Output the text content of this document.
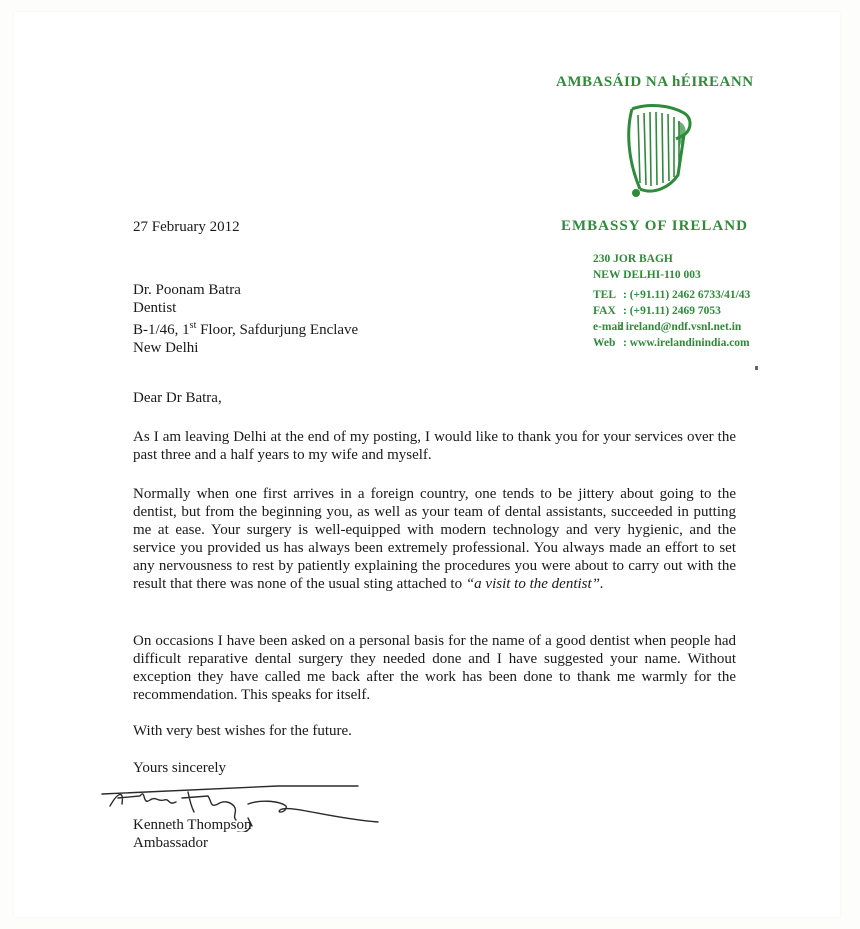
AMBASÁID NA hÉIREANN
EMBASSY OF IRELAND
230 JOR BAGH
NEW DELHI-110 003
TEL : (+91.11) 2462 6733/41/43
FAX : (+91.11) 2469 7053
e-mail: ireland@ndf.vsnl.net.in
Web : www.irelandinindia.com
27 February 2012
Dr. Poonam Batra
Dentist
B-1/46, 1st Floor, Safdurjung Enclave
New Delhi
Dear Dr Batra,
As I am leaving Delhi at the end of my posting, I would like to thank you for your services over the past three and a half years to my wife and myself.
Normally when one first arrives in a foreign country, one tends to be jittery about going to the dentist, but from the beginning you, as well as your team of dental assistants, succeeded in putting me at ease. Your surgery is well-equipped with modern technology and very hygienic, and the service you provided us has always been extremely professional. You always made an effort to set any nervousness to rest by patiently explaining the procedures you were about to carry out with the result that there was none of the usual sting attached to “a visit to the dentist”.
On occasions I have been asked on a personal basis for the name of a good dentist when people had difficult reparative dental surgery they needed done and I have suggested your name. Without exception they have called me back after the work has been done to thank me warmly for the recommendation. This speaks for itself.
With very best wishes for the future.
Yours sincerely
Kenneth Thompson
Ambassador
